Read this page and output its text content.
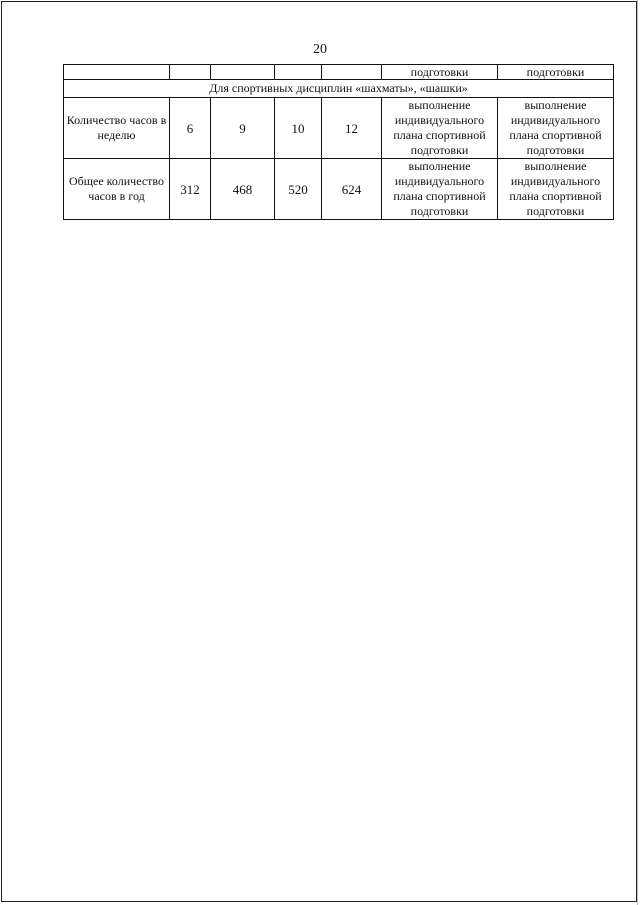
20
					подготовки	подготовки
Для спортивных дисциплин «шахматы», «шашки»						
Количество часов в неделю	6	9	10	12	выполнение индивидуального плана спортивной подготовки	выполнение индивидуального плана спортивной подготовки
Общее количество часов в год	312	468	520	624	выполнение индивидуального плана спортивной подготовки	выполнение индивидуального плана спортивной подготовки
